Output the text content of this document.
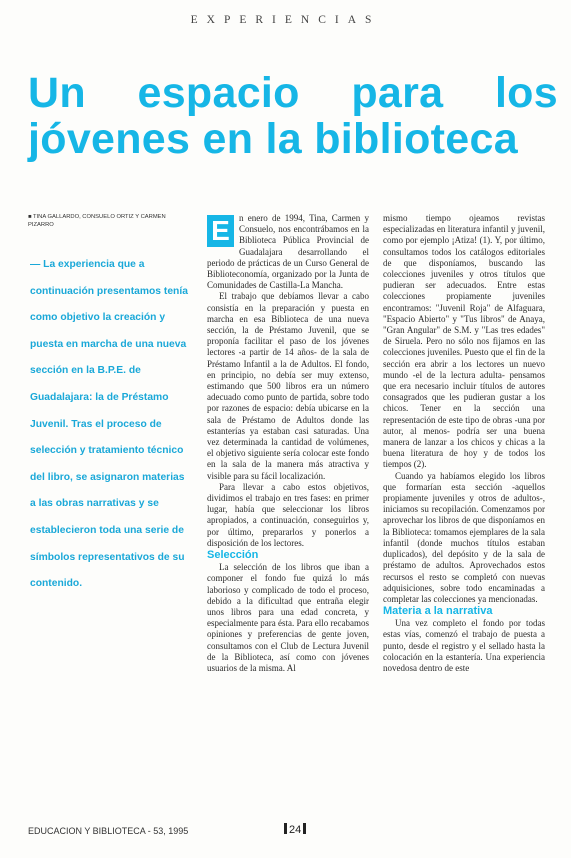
EXPERIENCIAS
Un espacio para los
jóvenes en la biblioteca
■ TINA GALLARDO, CONSUELO ORTIZ Y CARMEN PIZARRO
— La experiencia que a continuación presentamos tenía como objetivo la creación y puesta en marcha de una nueva sección en la B.P.E. de Guadalajara: la de Préstamo Juvenil. Tras el proceso de selección y tratamiento técnico del libro, se asignaron materias a las obras narrativas y se establecieron toda una serie de símbolos representativos de su contenido.

E	n enero de 1994, Tina, Carmen y Consuelo, nos encontrábamos en la Biblioteca Pública Provincial de Guadalajara desarrollando el periodo de prácticas de un Curso General de Biblioteconomía, organizado por la Junta de Comunidades de Castilla-La Mancha.

El trabajo que debíamos llevar a cabo consistía en la preparación y puesta en marcha en esa Biblioteca de una nueva sección, la de Préstamo Juvenil, que se proponía facilitar el paso de los jóvenes lectores -a partir de 14 años- de la sala de Préstamo Infantil a la de Adultos. El fondo, en principio, no debía ser muy extenso, estimando que 500 libros era un número adecuado como punto de partida, sobre todo por razones de espacio: debía ubicarse en la sala de Préstamo de Adultos donde las estanterías ya estaban casi saturadas. Una vez determinada la cantidad de volúmenes, el objetivo siguiente sería colocar este fondo en la sala de la manera más atractiva y visible para su fácil localización.

Para llevar a cabo estos objetivos, dividimos el trabajo en tres fases: en primer lugar, había que seleccionar los libros apropiados, a continuación, conseguirlos y, por último, prepararlos y ponerlos a disposición de los lectores.

Selección

La selección de los libros que iban a componer el fondo fue quizá lo más laborioso y complicado de todo el proceso, debido a la dificultad que entraña elegir unos libros para una edad concreta, y especialmente para ésta. Para ello recabamos opiniones y preferencias de gente joven, consultamos con el Club de Lectura Juvenil de la Biblioteca, así como con jóvenes usuarios de la misma. Al

mismo tiempo ojeamos revistas especializadas en literatura infantil y juvenil, como por ejemplo ¡Atiza! (1). Y, por último, consultamos todos los catálogos editoriales de que disponíamos, buscando las colecciones juveniles y otros títulos que pudieran ser adecuados. Entre estas colecciones propiamente juveniles encontramos: "Juvenil Roja" de Alfaguara, "Espacio Abierto" y "Tus libros" de Anaya, "Gran Angular" de S.M. y "Las tres edades" de Siruela. Pero no sólo nos fijamos en las colecciones juveniles. Puesto que el fin de la sección era abrir a los lectores un nuevo mundo -el de la lectura adulta- pensamos que era necesario incluir títulos de autores consagrados que les pudieran gustar a los chicos. Tener en la sección una representación de este tipo de obras -una por autor, al menos- podría ser una buena manera de lanzar a los chicos y chicas a la buena literatura de hoy y de todos los tiempos (2).

Cuando ya habíamos elegido los libros que formarían esta sección -aquellos propiamente juveniles y otros de adultos-, iniciamos su recopilación. Comenzamos por aprovechar los libros de que disponíamos en la Biblioteca: tomamos ejemplares de la sala infantil (donde muchos títulos estaban duplicados), del depósito y de la sala de préstamo de adultos. Aprovechados estos recursos el resto se completó con nuevas adquisiciones, sobre todo encaminadas a completar las colecciones ya mencionadas.

Materia a la narrativa

Una vez completo el fondo por todas estas vías, comenzó el trabajo de puesta a punto, desde el registro y el sellado hasta la colocación en la estantería. Una experiencia novedosa dentro de este

EDUCACION Y BIBLIOTECA - 53, 1995	24
